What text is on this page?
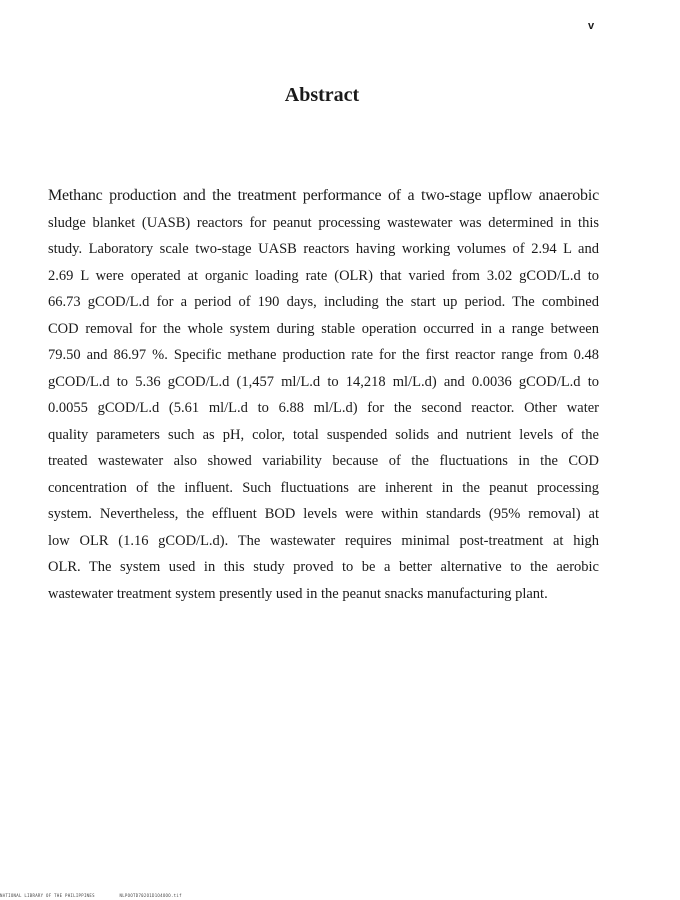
v
Abstract
Methanc production and the treatment performance of a two-stage upflow anaerobic
sludge blanket (UASB) reactors for peanut processing wastewater was determined in this
study. Laboratory scale two-stage UASB reactors having working volumes of 2.94 L and
2.69 L were operated at organic loading rate (OLR) that varied from 3.02 gCOD/L.d to
66.73 gCOD/L.d for a period of 190 days, including the start up period. The combined
COD removal for the whole system during stable operation occurred in a range between
79.50 and 86.97 %. Specific methane production rate for the first reactor range from 0.48
gCOD/L.d to 5.36 gCOD/L.d (1,457 ml/L.d to 14,218 ml/L.d) and 0.0036 gCOD/L.d to
0.0055 gCOD/L.d (5.61 ml/L.d to 6.88 ml/L.d) for the second reactor. Other water
quality parameters such as pH, color, total suspended solids and nutrient levels of the
treated wastewater also showed variability because of the fluctuations in the COD
concentration of the influent. Such fluctuations are inherent in the peanut processing
system. Nevertheless, the effluent BOD levels were within standards (95% removal) at
low OLR (1.16 gCOD/L.d). The wastewater requires minimal post-treatment at high
OLR. The system used in this study proved to be a better alternative to the aerobic
wastewater treatment system presently used in the peanut snacks manufacturing plant.
NATIONAL LIBRARY OF THE PHILIPPINES	NLPOOTD702O1D1O4OOO.tif
